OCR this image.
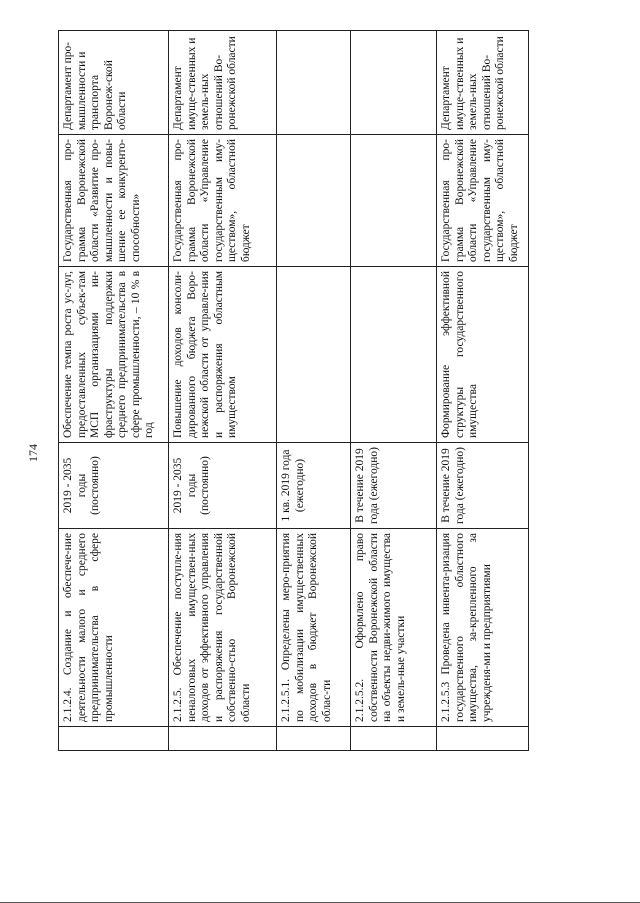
174
	2.1.2.4. Создание и обеспече-ние деятельности малого и среднего предпринимательства в сфере промышленности	2019 - 2035 годы (постоянно)	Обеспечение темпа роста ус-луг, предоставленных субъек-там МСП организациями ин-фраструктуры поддержки среднего предпринимательства в сфере промышленности, – 10 % в год	Государственная про-грамма Воронежской области «Развитие про-мышленности и повы-шение ее конкуренто-способности»	Департамент про-мышленности и транспорта Воронеж-ской области
	2.1.2.5. Обеспечение поступле-ния неналоговых имуществен-ных доходов от эффективного управления и распоряжения государственной собственно-стью Воронежской области	2019 - 2035 годы (постоянно)	Повышение доходов консоли-дированного бюджета Воро-нежской области от управле-ния и распоряжения областным имуществом	Государственная про-грамма Воронежской области «Управление государственным иму-ществом», областной бюджет	Департамент имуще-ственных и земель-ных отношений Во-ронежской области
	2.1.2.5.1. Определены меро-приятия по мобилизации имущественных доходов в бюджет Воронежской облас-ти	1 кв. 2019 года (ежегодно)			
	2.1.2.5.2. Оформлено право собственности Воронежской области на объекты недви-жимого имущества и земель-ные участки	В течение 2019 года (ежегодно)			
	2.1.2.5.3 Проведена инвента-ризация государственного областного имущества, за-крепленного за учрежденя-ми и предприятиями	В течение 2019 года (ежегодно)	Формирование эффективной структуры государственного имущества	Государственная про-грамма Воронежской области «Управление государственным иму-ществом», областной бюджет	Департамент имуще-ственных и земель-ных отношений Во-ронежской области
